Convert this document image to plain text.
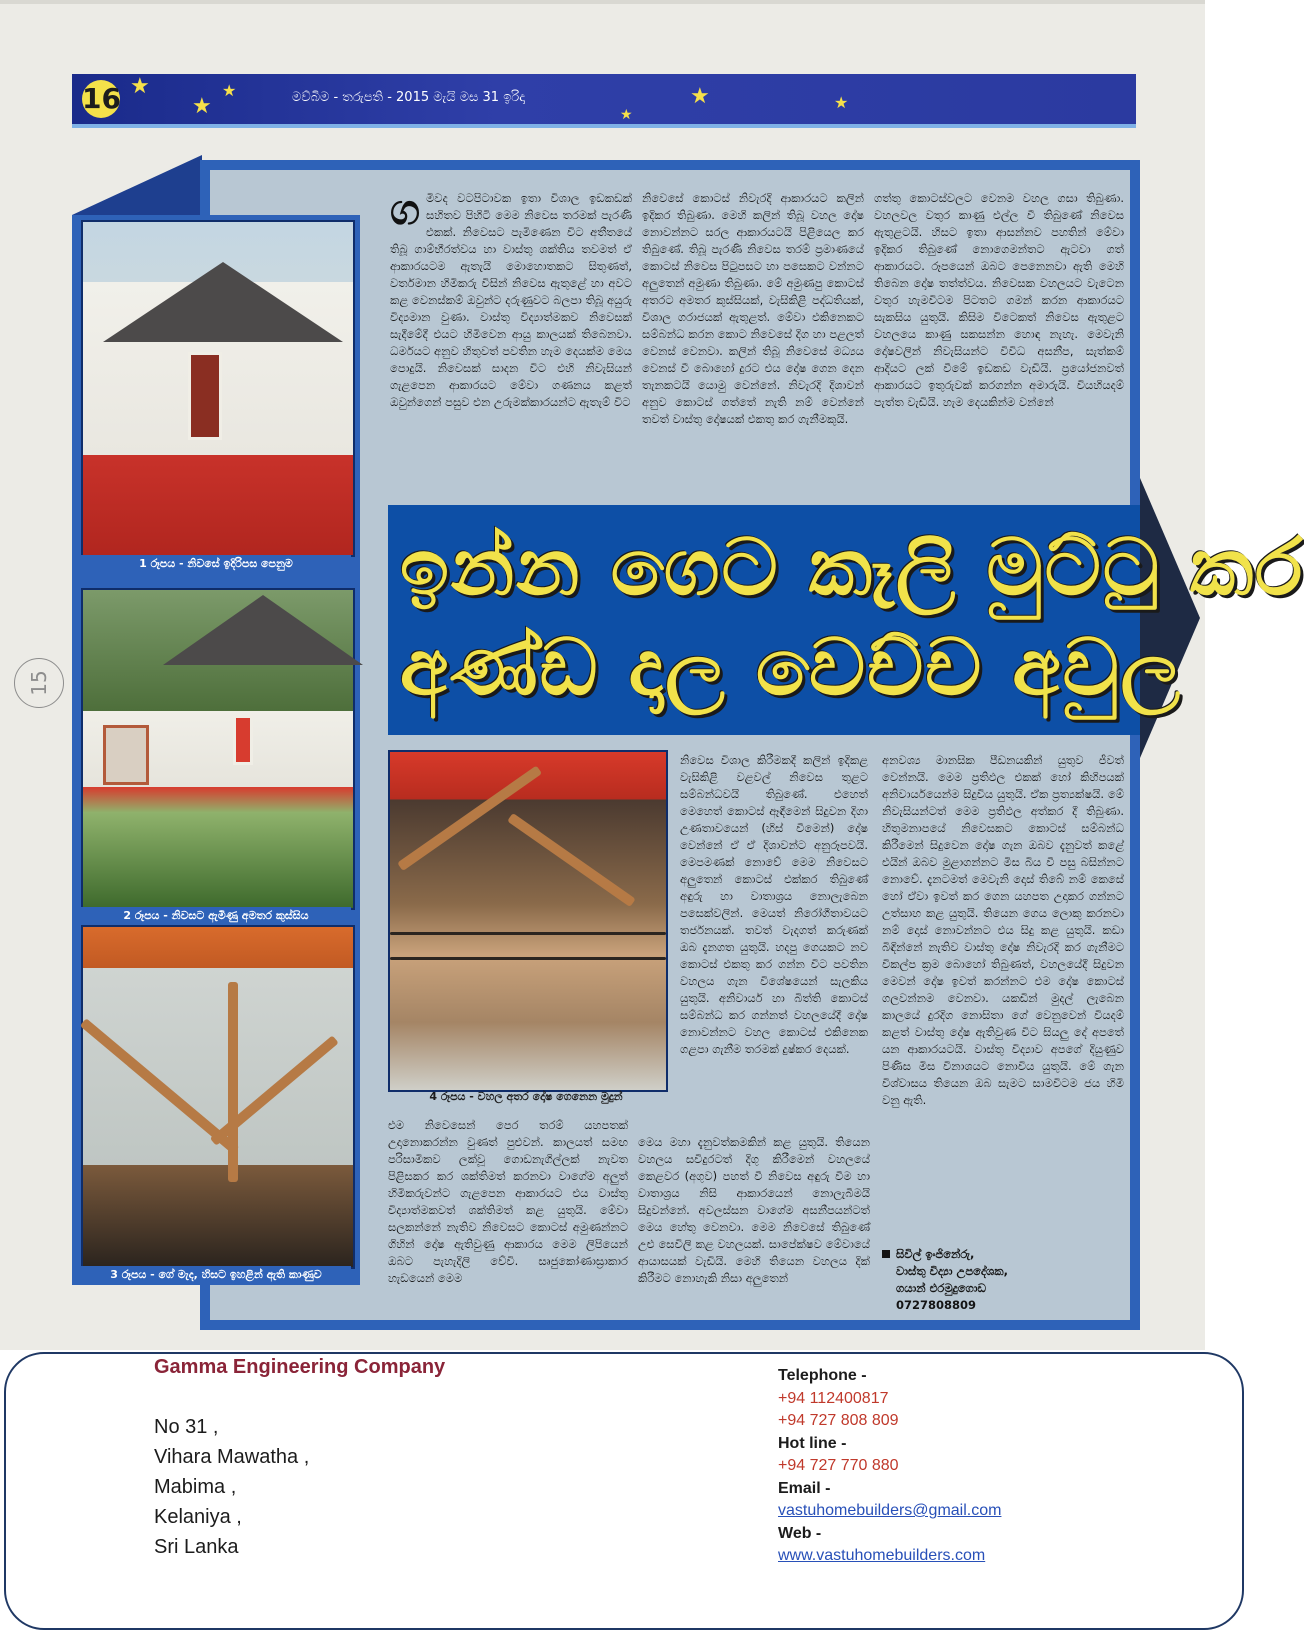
16 ★
★
★	මව්බිම - තරුපති - 2015 මැයි මස 31 ඉරිදා	★
★
★
1 රූපය - නිවසේ ඉදිරිපස පෙනුම
2 රූපය - නිවසට ඇමිණු අමතර කුස්සිය
3 රූපය - ගේ මැද, හිසට ඉහළින් ඇති කාණුව
4 රූපය - වහල අතර දෝෂ ගෙනෙන මුදුන්
ගමිවද වටපිටාවක ඉතා විශාල ඉඩකඩක් සහිතව පිහිටි මෙම නිවෙස තරමක් පැරණි එකක්. නිවෙසට පැමිණෙන විට අතීතයේ තිබූ ගාම්භීරත්වය හා වාස්තු ශක්තිය තවමත් ඒ ආකාරයටම ඇතැයි මොහොතකට සිතුණත්, වර්තමාන හිමිකරු විසින් නිවෙස ඇතුළේ හා අවට කළ වෙනස්කම් ඔවුන්ට දරුණුවට බලපා තිබූ අයුරු විද්‍යමාන වුණා. වාස්තු විද්‍යාත්මකව නිවෙසක් සැදීමේදී එයට හිමිවෙන ආයු කාලයක් තිබෙනවා. ධර්මයට අනුව හිතුවත් පවතින හැම දෙයක්ම මෙය පොදුයි. නිවෙසක් සාදන විට එහි නිවැසියන් ගැළපෙන ආකාරයට මේවා ගණනය කළත් ඔවුන්ගෙන් පසුව එන උරුමක්කාරයන්ට ඇතැම් විට
නිවෙසේ කොටස් නිවැරදි ආකාරයට කලින් ඉදිකර තිබුණා. මෙහි කලින් තිබූ වහල දෝෂ නොවන්නට සරල ආකාරයටයි පිළියෙල කර තිබුණේ. තිබූ පැරණි නිවෙස තරම් ප්‍රමාණයේ කොටස් නිවෙස පිටුපසට හා පසෙකට වන්නට අලුතෙන් අමුණා තිබුණා. මේ අමුණපු කොටස් අතරට අමතර කුස්සියක්, වැසිකිළි පද්ධතියක්, විශාල ගරාජයක් ඇතුළත්. මේවා එකිනෙකට සම්බන්ධ කරන කොට නිවෙසේ දිග හා පළලත් වෙනස් වෙනවා. කලින් තිබූ නිවෙසේ මධ්‍යය වෙනස් වී බොහෝ දුරට එය දෝෂ ගෙන දෙන තැනකටයි යොමු වෙන්නේ. නිවැරදි දිශාවන් අනුව කොටස් ගත්තේ නැති නම් වෙන්නේ තවත් වාස්තු දෝෂයක් එකතු කර ගැනීමකුයි.
ගත්තු කොටස්වලට වෙනම වහල ගසා තිබුණා. වහලවල වතුර කාණු එල්ල වී තිබුණේ නිවෙස ඇතුළටයි. හිසට ඉතා ආසන්නව පහතින් මේවා ඉදිකර තිබුණේ නොගෙමන්තට ඇටවා ගත් ආකාරයට. රූපයෙන් ඔබට පෙනෙනවා ඇති මෙහි තිබෙන දෝෂ තත්ත්වය. නිවෙසක වහලයට වැටෙන වතුර හැමවිටම පිටතට ගමන් කරන ආකාරයට සැකසිය යුතුයි. කිසිම විටෙකත් නිවෙස ඇතුළට වහලයෙ කාණු සකසන්න හොඳ නැහැ. මෙවැනි දෝෂවලින් නිවැසියන්ට විවිධ අසනීප, සැත්කම් ආදියට ලක් වීමේ ඉඩකඩ වැඩියි. ප්‍රයෝජනවත් ආකාරයට ඉතුරුවක් කරගන්න අමාරුයි. වියහියදම් පැත්ත වැඩියි. හැම දෙයකින්ම වන්නේ
ඉන්න ගෙට කෑලි මුට්ටු කර
අණ්ඩ දාල වෙච්ච අවුල
නිවෙස විශාල කිරීමකදී කලින් ඉදිකළ වැසිකිළි වළවල් නිවෙස තුළට සම්බන්ධවයි තිබුණේ. එහෙත් මෙහෙත් කොටස් ඈඳීමෙන් සිදුවන දිගා උණතාවයෙන් (හිස් වීමෙන්) දෝෂ වෙන්නේ ඒ ඒ දිශාවන්ට අනුරූපවයි. මෙපමණක් නොවේ මෙම නිවෙසට අලුතෙන් කොටස් එක්කර තිබුණේ අඳුරු හා වාතාශ්‍රය නොලැබෙන පසෙක්වලින්. මෙයත් නිරෝගීතාවයට තර්ජනයක්. තවත් වැදගත් කරුණක් ඔබ දැනගත යුතුයි. හදපු ගෙයකට නව කොටස් එකතු කර ගන්න විට පවතින වහලය ගැන විශේෂයෙන් සැලකිය යුතුයි. අනිවාර්ය හා බිත්ති කොටස් සම්බන්ධ කර ගන්නත් වහලයේදී දෝෂ නොවන්නට වහල කොටස් එකිනෙක ගළපා ගැනීම තරමක් දුෂ්කර දෙයක්.
අනවශ්‍ය මානසික පීඩනයකින් යුතුව ජීවත් වෙන්නයි. මෙම ප්‍රතිඵල එකක් හෝ කිහිපයක් අනිවාර්යයෙන්ම සිදුවිය යුතුයි. ඒක ප්‍රත්‍යක්ෂයි. මේ නිවැසියන්ටත් මෙම ප්‍රතිඵල අත්කර දී තිබුණා. හිතුමනාපයේ නිවෙසකට කොටස් සම්බන්ධ කිරීමෙන් සිදුවෙන දෝෂ ගැන ඔබව දැනුවත් කළේ එයින් ඔබව මුළාගන්නට මිස බිය වී පසු බසින්නට නොවේ. දැනටමත් මෙවැනි දොස් තිබේ නම් කෙසේ හෝ ඒවා ඉවත් කර ගෙන යහපත උදාකර ගන්නට උත්සාහ කළ යුතුයි. තියෙන ගෙය ලොකු කරනවා නම් දොස් නොවන්නට එය සිදු කළ යුතුයි. කඩා බිඳින්නේ නැතිව වාස්තු දෝෂ නිවැරදි කර ගැනීමට විකල්ප ක්‍රම බොහෝ තිබුණත්, වහලයේදී සිදුවන මෙවන් දෝෂ ඉවත් කරන්නට එම දෝෂ කොටස් ගලවන්නම වෙනවා. යකඩින් මුදල් ලැබෙන කාලයේ දුරදිග නොසිතා ගේ වෙනුවෙන් වියදම් කළත් වාස්තු දෝෂ ඇතිවුණ විට සියලු දේ අපතේ යන ආකාරයටයි. වාස්තු විද්‍යාව අපගේ දියුණුව පිණිස මිස විනාශයට නොවිය යුතුයි. මේ ගැන විශ්වාසය තියෙන ඔබ සැමට සාමවිටම ජය හිමි වනු ඇති.
එම නිවෙසෙන් පෙර තරම් යහපතක් උදානොකරන්න වුණත් පුළුවන්. කාලයත් සමඟ පරිසාමිකව ලක්වූ ගොඩනැගිල්ලක් නැවත පිළිසකර කර ශක්තිමත් කරනවා වාගේම අලුත් හිමිකරුවන්ට ගැළපෙන ආකාරයට එය වාස්තු විද්‍යාත්මකවත් ශක්තිමත් කළ යුතුයි. මේවා සලකන්නේ නැතිව නිවෙසට කොටස් අමුණන්නට ගිහින් දෝෂ ඇතිවුණු ආකාරය මෙම ලිපියෙන් ඔබට පැහැදිලි වේවි. සෘජුකෝණාස්‍රාකාර හැඩයෙන් මෙම
මෙය මහා දැනුවත්කමකින් කළ යුතුයි. තියෙන වහලය සවිදුරටත් දිගු කිරීමෙන් වහලයේ කෙළවර (අගුව) පහත් වී නිවෙස අඳුරු වීම හා වාතාශ්‍රය නිසි ආකාරයෙන් නොලැබීමයි සිදුවන්නේ. අවලස්සන වාගේම අසනීපයන්ටත් මෙය හේතු වෙනවා. මෙම නිවෙසේ තිබුණේ උළු සෙවිලි කළ වහලයක්. සාපේක්ෂව මේවායේ ආයාසයක් වැඩියි. මෙහි තියෙන වහලය දික් කිරීමට නොහැකි නිසා අලුතෙන්
සිවිල් ඉංජිනේරු,
වාස්තු විද්‍යා උපදේශක,
ගයාන් එරමුදුගොඩ
0727808809
15
Gamma Engineering Company
No 31 ,
Vihara Mawatha ,
Mabima ,
Kelaniya ,
Sri Lanka
Telephone -
+94 112400817
+94 727 808 809
Hot line -
+94 727 770 880
Email -
vastuhomebuilders@gmail.com
Web -
www.vastuhomebuilders.com
